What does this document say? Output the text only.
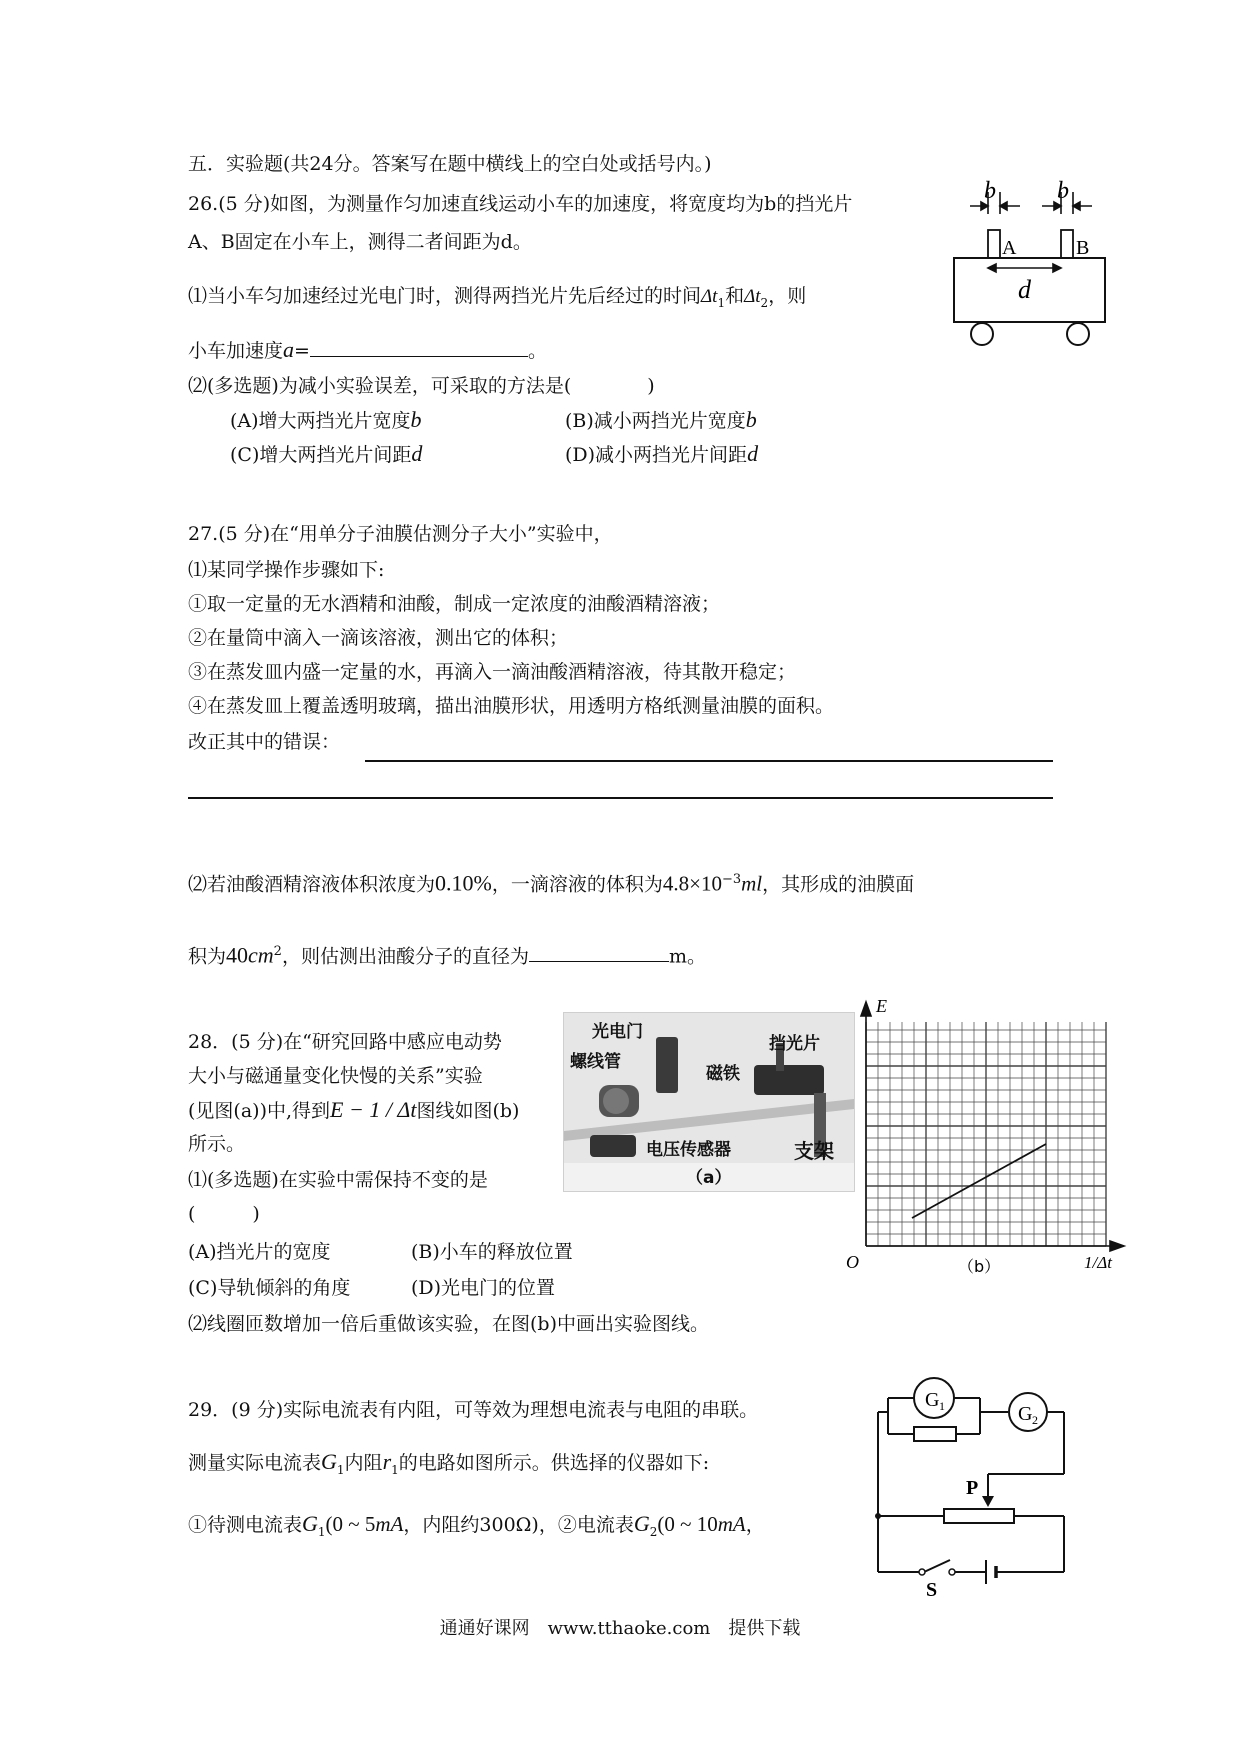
五．实验题(共24分。答案写在题中横线上的空白处或括号内。)
26.(5 分)如图，为测量作匀加速直线运动小车的加速度，将宽度均为b的挡光片
A、B固定在小车上，测得二者间距为d。
⑴当小车匀加速经过光电门时，测得两挡光片先后经过的时间$\Delta t_1$和$\Delta t_2$，则
小车加速度a=	。
⑵(多选题)为减小实验误差，可采取的方法是(　　　　)
(A)增大两挡光片宽度b	(B)减小两挡光片宽度b
(C)增大两挡光片间距d	(D)减小两挡光片间距d
b	b
A	B
d
27.(5 分)在“用单分子油膜估测分子大小”实验中，
⑴某同学操作步骤如下:
①取一定量的无水酒精和油酸，制成一定浓度的油酸酒精溶液；
②在量筒中滴入一滴该溶液，测出它的体积；
③在蒸发皿内盛一定量的水，再滴入一滴油酸酒精溶液，待其散开稳定；
④在蒸发皿上覆盖透明玻璃，描出油膜形状，用透明方格纸测量油膜的面积。
改正其中的错误：
⑵若油酸酒精溶液体积浓度为0.10%，一滴溶液的体积为$4.8\times 10^{-3}ml$，其形成的油膜面
积为$40cm^2$，则估测出油酸分子的直径为	m。
28．(5 分)在“研究回路中感应电动势
大小与磁通量变化快慢的关系”实验
(见图(a))中,得到E − 1 / Δt图线如图(b)
所示。
⑴(多选题)在实验中需保持不变的是
(　　　)
(A)挡光片的宽度	(B)小车的释放位置
(C)导轨倾斜的角度	(D)光电门的位置
⑵线圈匝数增加一倍后重做该实验，在图(b)中画出实验图线。
光电门
螺线管
挡光片
磁铁
电压传感器	支架
（a）
E
O	1/Δt
（b）
29．(9 分)实际电流表有内阻，可等效为理想电流表与电阻的串联。
测量实际电流表$G_1$内阻$r_1$的电路如图所示。供选择的仪器如下:
①待测电流表$G_1(0$ ~ 5mA，内阻约300Ω)，②电流表$G_2(0$ ~ 10mA，
G 1	G 2
P
S
通通好课网　www.tthaoke.com　提供下载
